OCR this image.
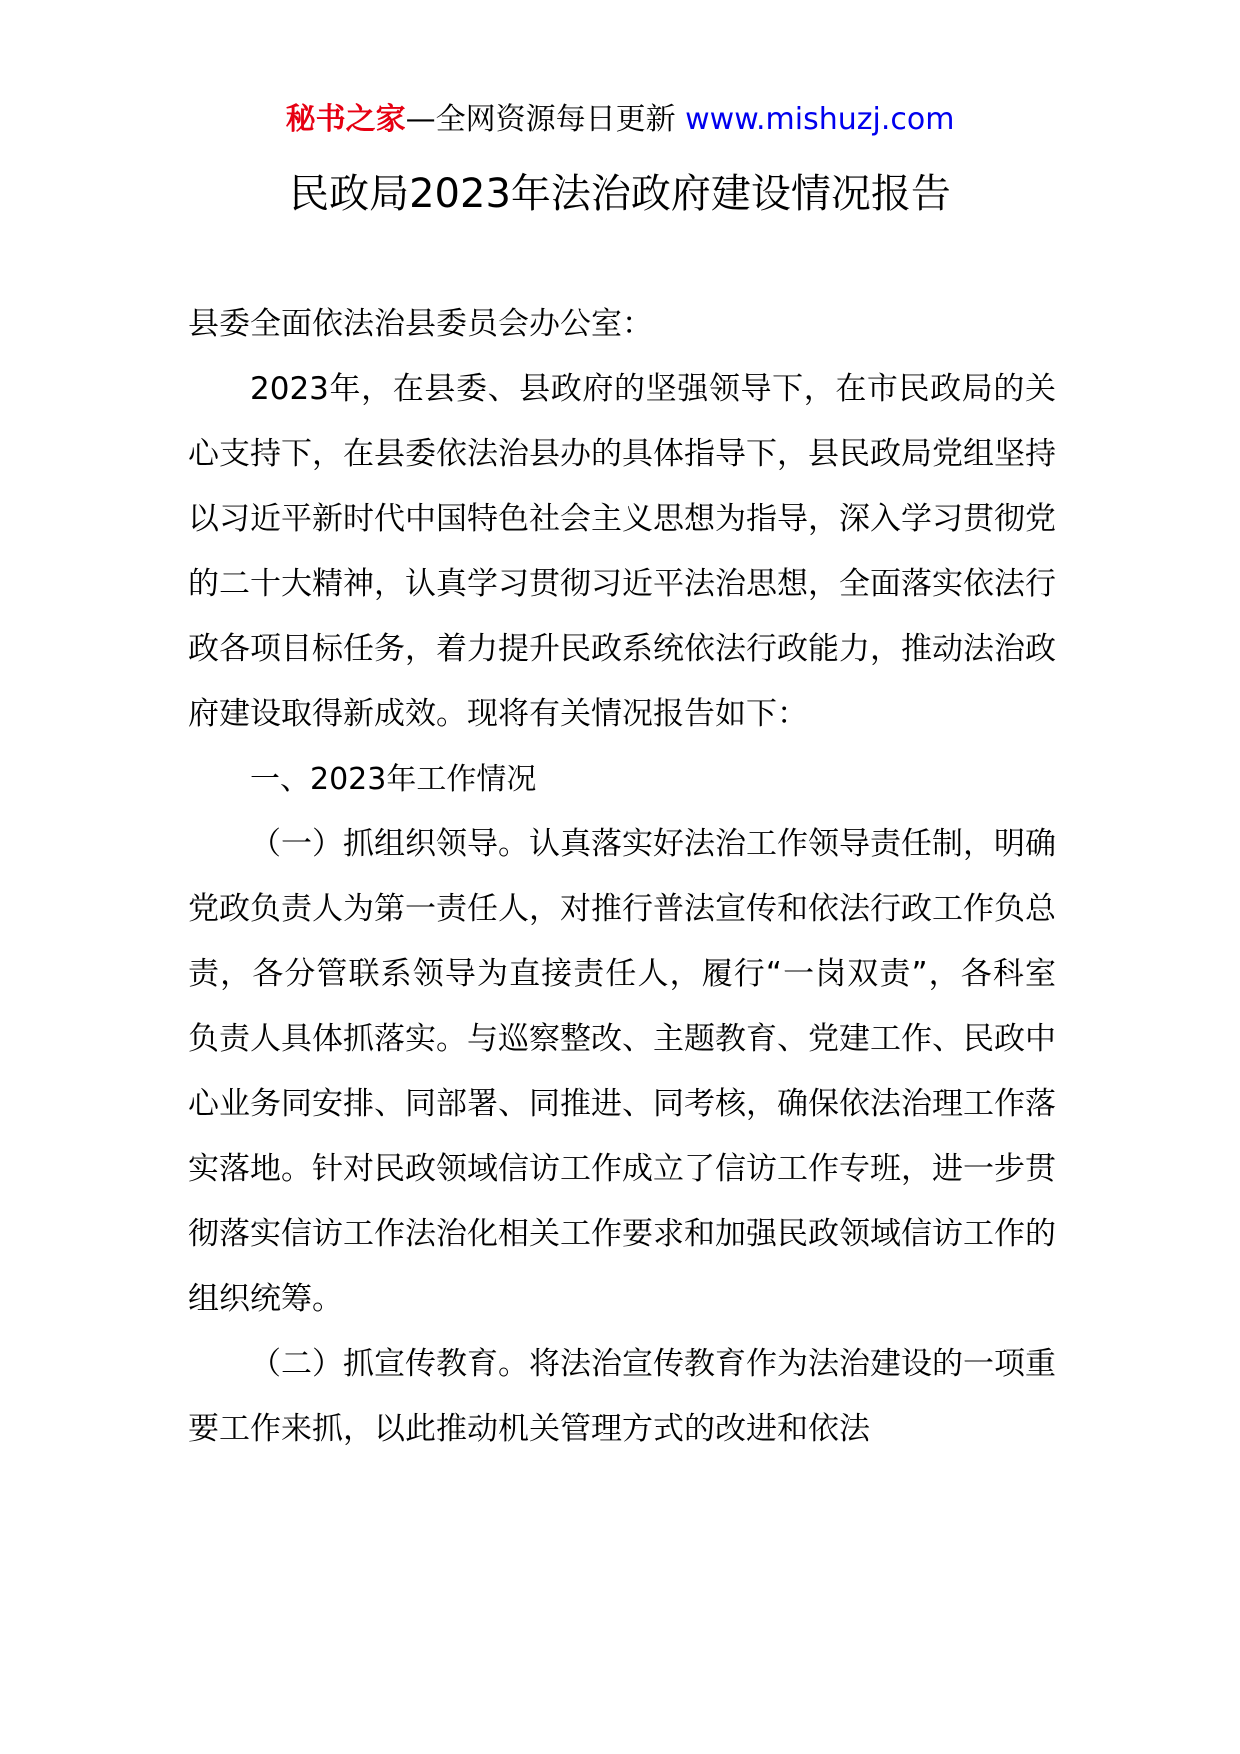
秘书之家—全网资源每日更新 www.mishuzj.com
民政局2023年法治政府建设情况报告

县委全面依法治县委员会办公室：

2023年，在县委、县政府的坚强领导下，在市民政局的关心支持下，在县委依法治县办的具体指导下，县民政局党组坚持以习近平新时代中国特色社会主义思想为指导，深入学习贯彻党的二十大精神，认真学习贯彻习近平法治思想，全面落实依法行政各项目标任务，着力提升民政系统依法行政能力，推动法治政府建设取得新成效。现将有关情况报告如下：

一、2023年工作情况

（一）抓组织领导。认真落实好法治工作领导责任制，明确党政负责人为第一责任人，对推行普法宣传和依法行政工作负总责，各分管联系领导为直接责任人，履行“一岗双责”，各科室负责人具体抓落实。与巡察整改、主题教育、党建工作、民政中心业务同安排、同部署、同推进、同考核，确保依法治理工作落实落地。针对民政领域信访工作成立了信访工作专班，进一步贯彻落实信访工作法治化相关工作要求和加强民政领域信访工作的组织统筹。

（二）抓宣传教育。将法治宣传教育作为法治建设的一项重要工作来抓，以此推动机关管理方式的改进和依法
